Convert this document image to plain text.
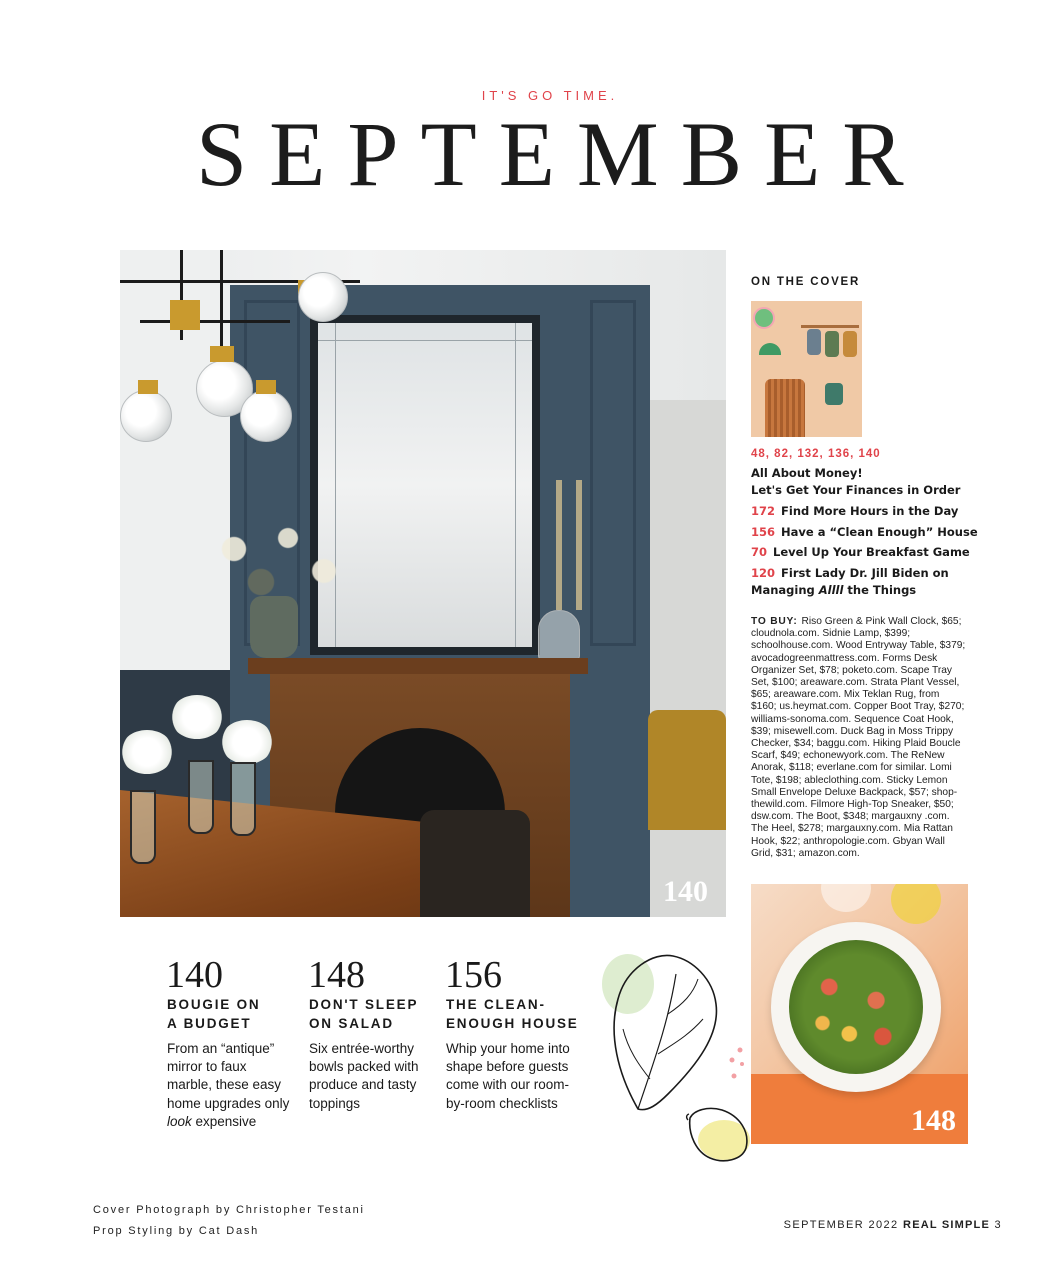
IT'S GO TIME.
SEPTEMBER
140
ON THE COVER
48, 82, 132, 136, 140
All About Money!
Let's Get Your Finances in Order
172 Find More Hours in the Day
156 Have a “Clean Enough” House
70 Level Up Your Breakfast Game
120 First Lady Dr. Jill Biden on
Managing Allll the Things
TO BUY: Riso Green & Pink Wall Clock, $65; cloudnola.com. Sidnie Lamp, $399; schoolhouse.com. Wood Entryway Table, $379; avocadogreenmattress.com. Forms Desk Organizer Set, $78; poketo.com. Scape Tray Set, $100; areaware.com. Strata Plant Vessel, $65; areaware.com. Mix Teklan Rug, from $160; us.heymat.com. Copper Boot Tray, $270; williams-sonoma.com. Sequence Coat Hook, $39; misewell.com. Duck Bag in Moss Trippy Checker, $34; baggu.com. Hiking Plaid Boucle Scarf, $49; echonewyork.com. The ReNew Anorak, $118; everlane.com for similar. Lomi Tote, $198; ableclothing.com. Sticky Lemon Small Envelope Deluxe Backpack, $57; shop-thewild.com. Filmore High-Top Sneaker, $50; dsw.com. The Boot, $348; margauxny .com. The Heel, $278; margauxny.com. Mia Rattan Hook, $22; anthropologie.com. Gbyan Wall Grid, $31; amazon.com.
148
140
BOUGIE ON
A BUDGET
From an “antique” mirror to faux marble, these easy home upgrades only look expensive
148
DON'T SLEEP
ON SALAD
Six entrée-worthy bowls packed with produce and tasty toppings
156
THE CLEAN-
ENOUGH HOUSE
Whip your home into shape before guests come with our room-by-room checklists
Cover Photograph by Christopher Testani
Prop Styling by Cat Dash	SEPTEMBER 2022 REAL SIMPLE 3
